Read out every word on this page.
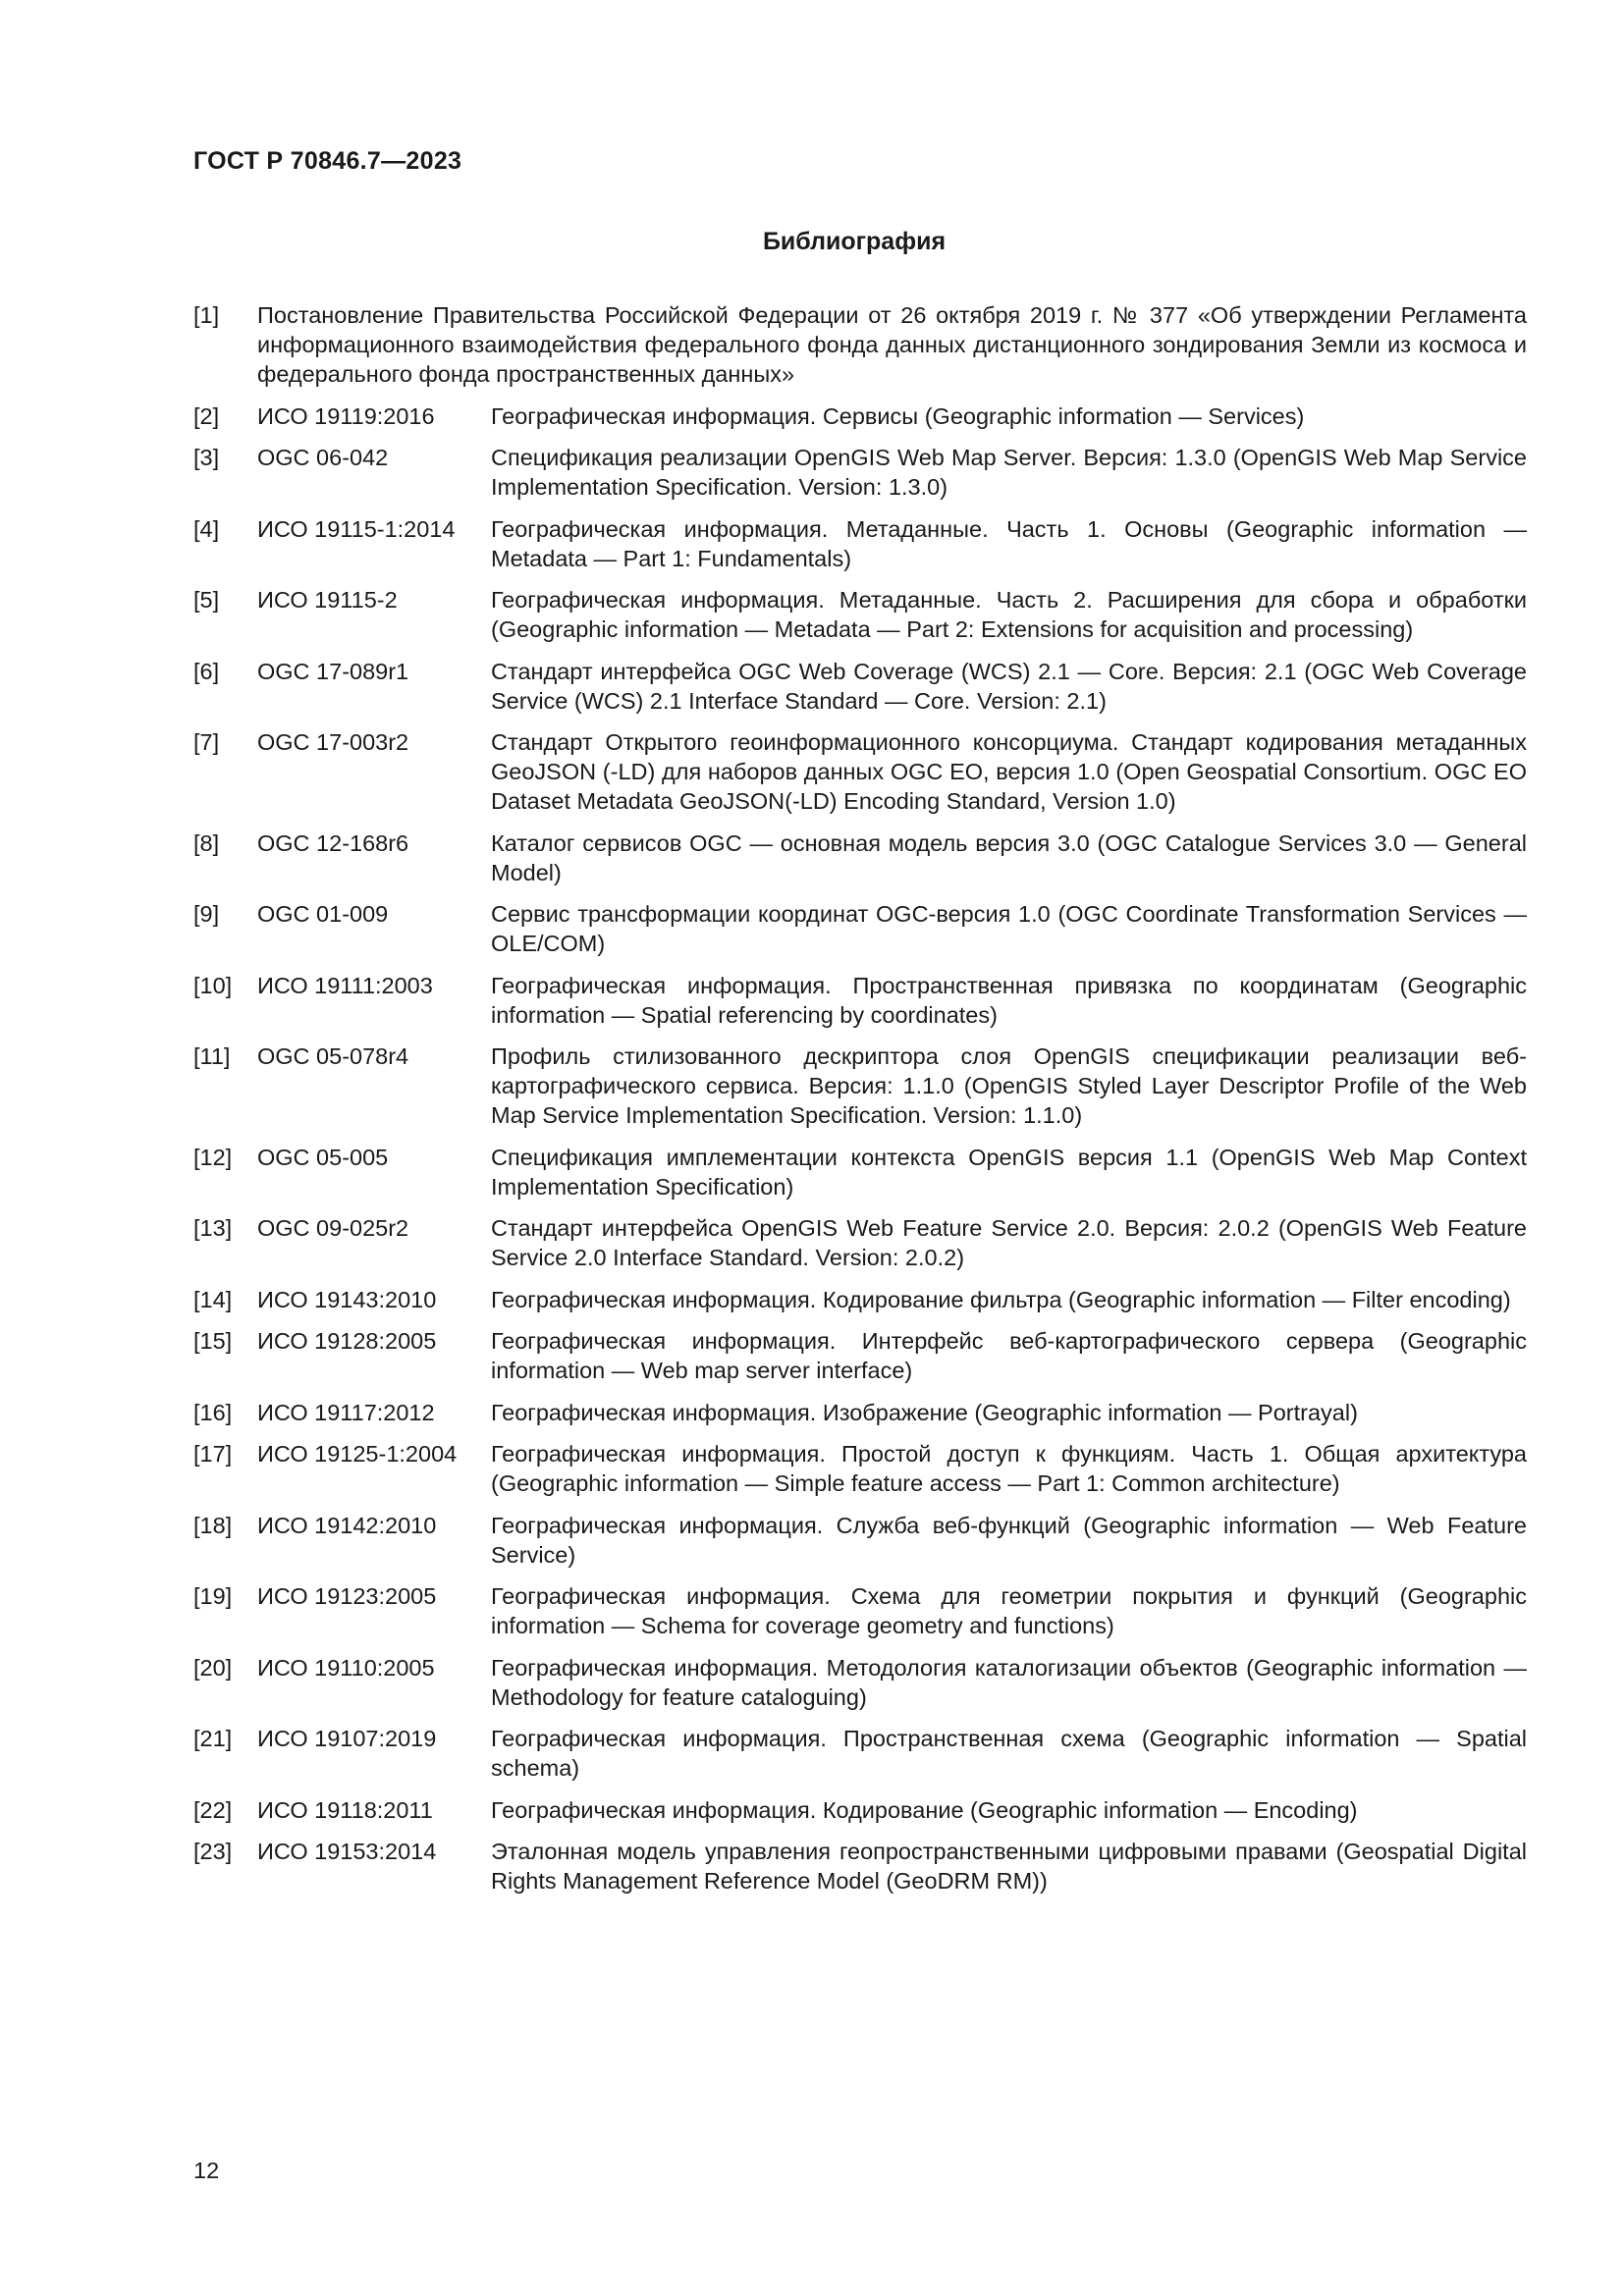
ГОСТ Р 70846.7—2023
Библиография
[1]	Постановление Правительства Российской Федерации от 26 октября 2019 г. № 377 «Об утверждении Регламента информационного взаимодействия федерального фонда данных дистанционного зондирования Земли из космоса и федерального фонда пространственных данных»
[2]	ИСО 19119:2016	Географическая информация. Сервисы (Geographic information — Services)
[3]	OGC 06-042	Спецификация реализации OpenGIS Web Map Server. Версия: 1.3.0 (OpenGIS Web Map Service Implementation Specification. Version: 1.3.0)
[4]	ИСО 19115-1:2014	Географическая информация. Метаданные. Часть 1. Основы (Geographic information — Metadata — Part 1: Fundamentals)
[5]	ИСО 19115-2	Географическая информация. Метаданные. Часть 2. Расширения для сбора и обработки (Geographic information — Metadata — Part 2: Extensions for acquisition and processing)
[6]	OGC 17-089r1	Стандарт интерфейса OGC Web Coverage (WCS) 2.1 — Core. Версия: 2.1 (OGC Web Coverage Service (WCS) 2.1 Interface Standard — Core. Version: 2.1)
[7]	OGC 17-003r2	Стандарт Открытого геоинформационного консорциума. Стандарт кодирования метаданных GeoJSON (-LD) для наборов данных OGC EO, версия 1.0 (Open Geospatial Consortium. OGC EO Dataset Metadata GeoJSON(-LD) Encoding Standard, Version 1.0)
[8]	OGC 12-168r6	Каталог сервисов OGC — основная модель версия 3.0 (OGC Catalogue Services 3.0 — General Model)
[9]	OGC 01-009	Сервис трансформации координат OGC-версия 1.0 (OGC Coordinate Transformation Services — OLE/COM)
[10]	ИСО 19111:2003	Географическая информация. Пространственная привязка по координатам (Geographic information — Spatial referencing by coordinates)
[11]	OGC 05-078r4	Профиль стилизованного дескриптора слоя OpenGIS спецификации реализации веб-картографического сервиса. Версия: 1.1.0 (OpenGIS Styled Layer Descriptor Profile of the Web Map Service Implementation Specification. Version: 1.1.0)
[12]	OGC 05-005	Спецификация имплементации контекста OpenGIS версия 1.1 (OpenGIS Web Map Context Implementation Specification)
[13]	OGC 09-025r2	Стандарт интерфейса OpenGIS Web Feature Service 2.0. Версия: 2.0.2 (OpenGIS Web Feature Service 2.0 Interface Standard. Version: 2.0.2)
[14]	ИСО 19143:2010	Географическая информация. Кодирование фильтра (Geographic information — Filter encoding)
[15]	ИСО 19128:2005	Географическая информация. Интерфейс веб-картографического сервера (Geographic information — Web map server interface)
[16]	ИСО 19117:2012	Географическая информация. Изображение (Geographic information — Portrayal)
[17]	ИСО 19125-1:2004	Географическая информация. Простой доступ к функциям. Часть 1. Общая архитектура (Geographic information — Simple feature access — Part 1: Common architecture)
[18]	ИСО 19142:2010	Географическая информация. Служба веб-функций (Geographic information — Web Feature Service)
[19]	ИСО 19123:2005	Географическая информация. Схема для геометрии покрытия и функций (Geographic information — Schema for coverage geometry and functions)
[20]	ИСО 19110:2005	Географическая информация. Методология каталогизации объектов (Geographic information — Methodology for feature cataloguing)
[21]	ИСО 19107:2019	Географическая информация. Пространственная схема (Geographic information — Spatial schema)
[22]	ИСО 19118:2011	Географическая информация. Кодирование (Geographic information — Encoding)
[23]	ИСО 19153:2014	Эталонная модель управления геопространственными цифровыми правами (Geospatial Digital Rights Management Reference Model (GeoDRM RM))
12
